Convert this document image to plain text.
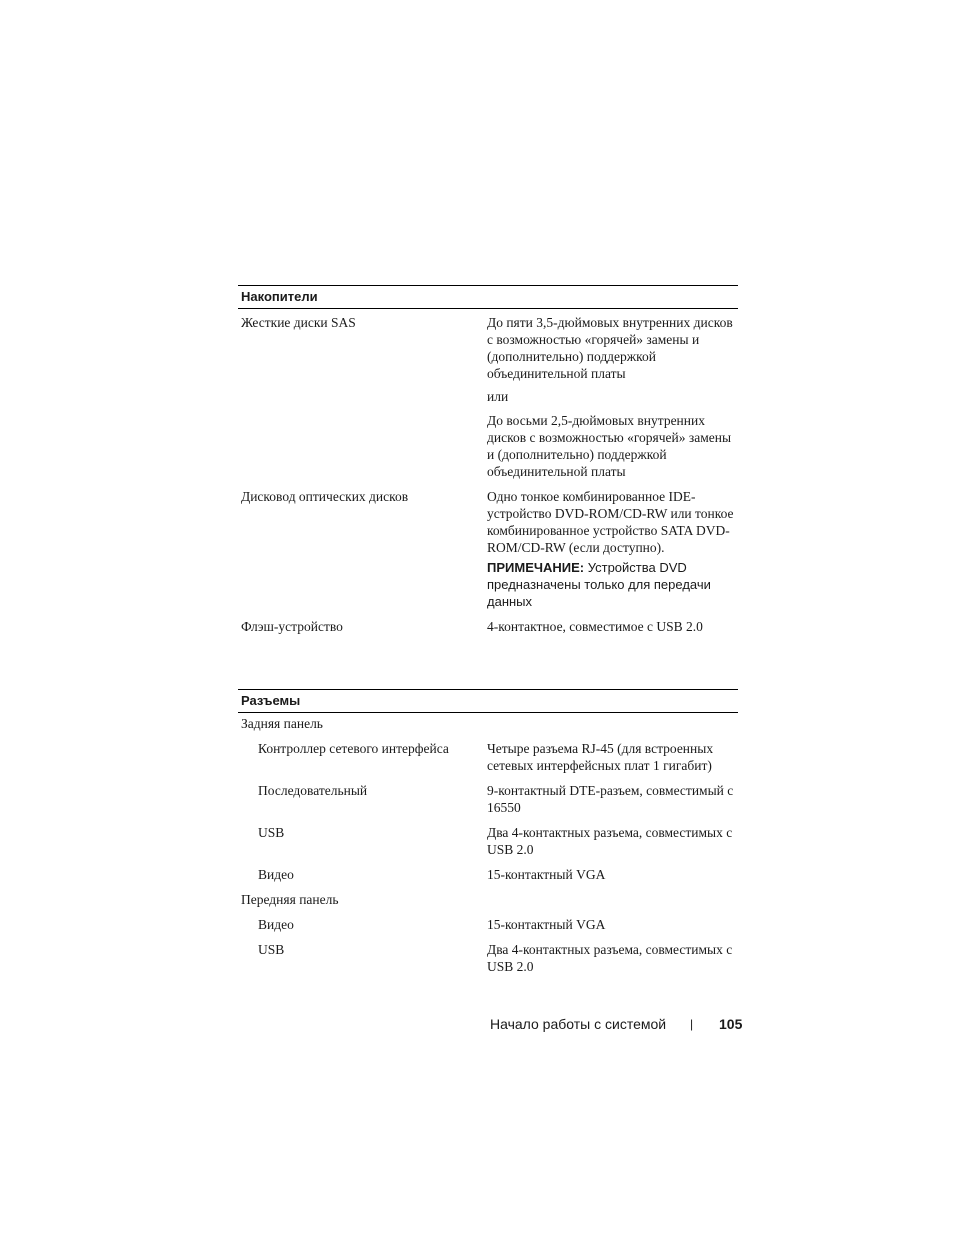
Накопители
Жесткие диски SAS	До пяти 3,5-дюймовых внутренних дисков с возможностью «горячей» замены и (дополнительно) поддержкой объединительной платы

или

До восьми 2,5-дюймовых внутренних дисков с возможностью «горячей» замены и (дополнительно) поддержкой объединительной платы

Дисковод оптических дисков	Одно тонкое комбинированное IDE-устройство DVD-ROM/CD-RW или тонкое комбинированное устройство SATA DVD-ROM/CD-RW (если доступно).

ПРИМЕЧАНИЕ: Устройства DVD предназначены только для передачи данных

Флэш-устройство	4-контактное, совместимое с USB 2.0
Разъемы
Задняя панель
Контроллер сетевого интерфейса	Четыре разъема RJ-45 (для встроенных сетевых интерфейсных плат 1 гигабит)
Последовательный	9-контактный DTE-разъем, совместимый с 16550
USB	Два 4-контактных разъема, совместимых с USB 2.0
Видео	15-контактный VGA
Передняя панель
Видео	15-контактный VGA
USB	Два 4-контактных разъема, совместимых с USB 2.0
Начало работы с системой | 105
